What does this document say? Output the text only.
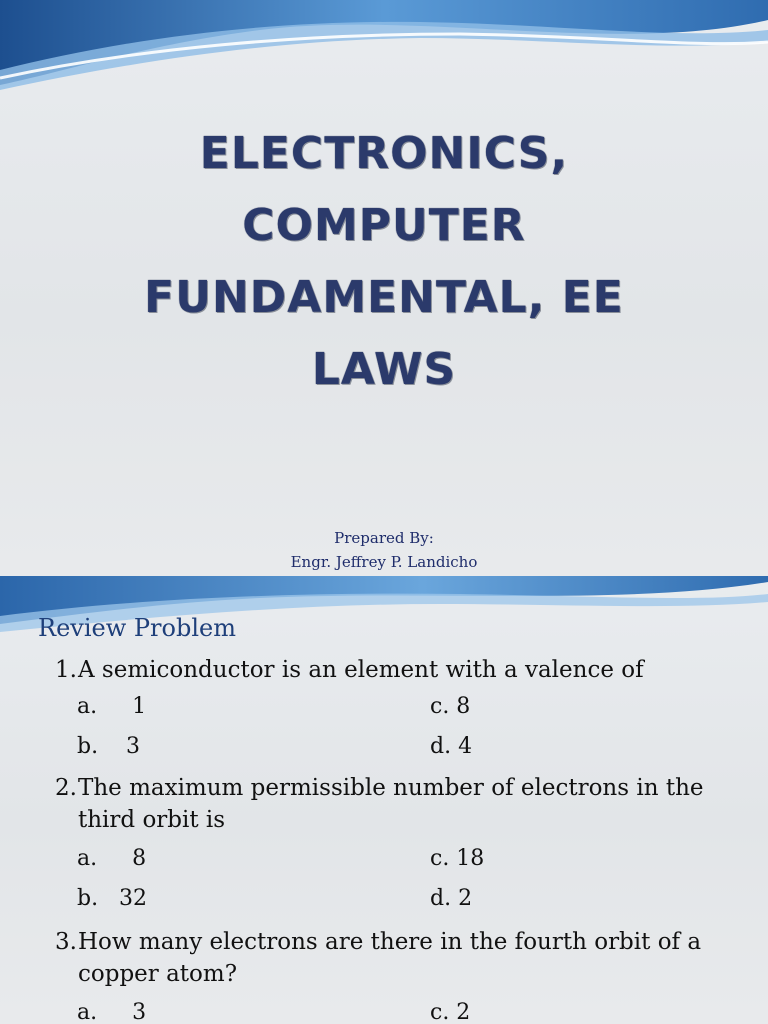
ELECTRONICS,
COMPUTER
FUNDAMENTAL, EE
LAWS
Prepared By:
Engr. Jeffrey P. Landicho
Review Problem
1. A semiconductor is an element with a valence of
a.     1	c. 8
b.    3	d. 4
2. The maximum permissible number of electrons in the
third orbit is
a.     8	c. 18
b.   32	d. 2
3. How many electrons are there in the fourth orbit of a
copper atom?
a.     3	c. 2
